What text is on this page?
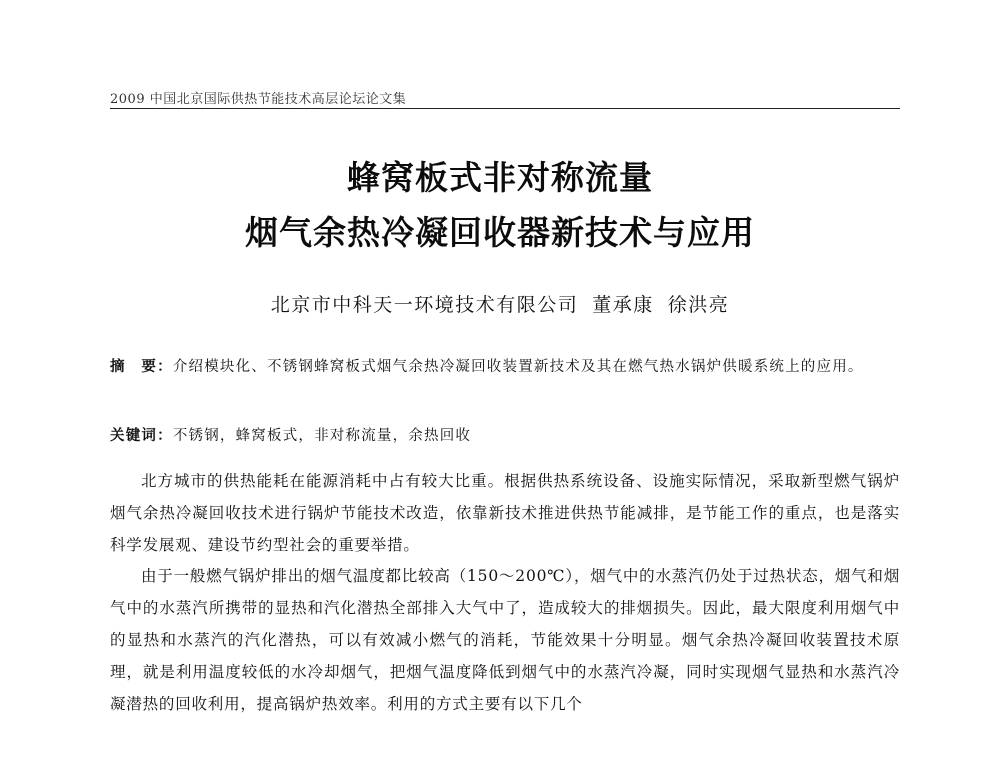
2009 中国北京国际供热节能技术高层论坛论文集
蜂窝板式非对称流量
烟气余热冷凝回收器新技术与应用
北京市中科天一环境技术有限公司 董承康 徐洪亮
摘　要：介绍模块化、不锈钢蜂窝板式烟气余热冷凝回收装置新技术及其在燃气热水锅炉供暖系统上的应用。
关键词：不锈钢，蜂窝板式，非对称流量，余热回收

北方城市的供热能耗在能源消耗中占有较大比重。根据供热系统设备、设施实际情况，采取新型燃气锅炉烟气余热冷凝回收技术进行锅炉节能技术改造，依靠新技术推进供热节能减排，是节能工作的重点，也是落实科学发展观、建设节约型社会的重要举措。

由于一般燃气锅炉排出的烟气温度都比较高（150～200℃），烟气中的水蒸汽仍处于过热状态，烟气和烟气中的水蒸汽所携带的显热和汽化潜热全部排入大气中了，造成较大的排烟损失。因此，最大限度利用烟气中的显热和水蒸汽的汽化潜热，可以有效减小燃气的消耗，节能效果十分明显。烟气余热冷凝回收装置技术原理，就是利用温度较低的水冷却烟气，把烟气温度降低到烟气中的水蒸汽冷凝，同时实现烟气显热和水蒸汽冷凝潜热的回收利用，提高锅炉热效率。利用的方式主要有以下几个
